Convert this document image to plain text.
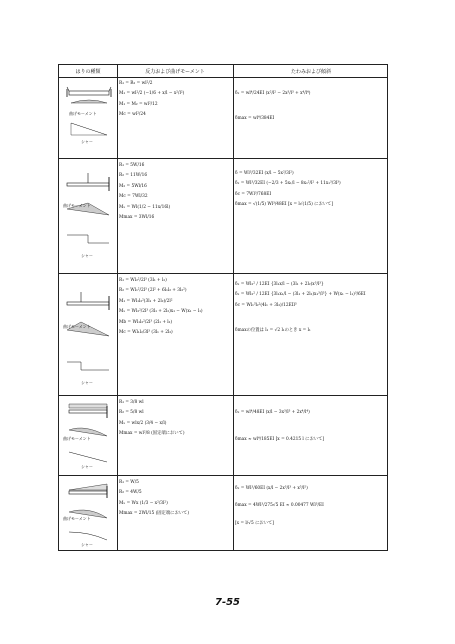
はりの種類	反力および曲げモーメント	たわみおよび傾斜
曲げモーメント
シャー
R₁ = R₂ = wl²/2
M₁ = wl²/2 (−1/6 + x/l − x²/l²)
M₁ = M₂ = wl²/12
Mc = wl²/24
δₓ = wl⁴/24EI (x²/l² − 2x³/l³ + x⁴/l⁴)
δmax = wl⁴/384EI
曲げモーメント
シャー
R₁ = 5W/16
R₂ = 11W/16
M₂ = 5Wl/16
Mc = 7Wl/32
Mₓ = Wl(1/2 − 11x/16l)
Mmax = 3Wl/16
δ = Wl³/32EI (x/l − 5x²/3l²)
δₓ = Wl³/32EI (−2/3 + 5x₁/l − 8x₁²/l² + 11x₁³/3l³)
δc = 7Wl³/768EI
δmax = √(1/5) Wl³/48EI [x = l√(1/5) において]
曲げモーメント
シャー
R₁ = Wl₂²/2l³ (3l₁ + l₂)
R₂ = Wl₁²/2l³ (2l² + 6l₁l₂ + 3l₂²)
M₁ = Wl₁l₂²(3l₁ + 2l₂)/2l²
Mₓ = Wl₂²/2l³ (3l₁ + 2l₂)x₁ − W(x₁ − l₁)
Mb = Wl₁l₂²/2l³ (2l₁ + l₂)
Mc = Wl₁l₂/3l³ (3l₁ + 2l₂)
δₓ = Wl₂² / 12EI {3l₁x/l − (3l₁ + 2l₂)x³/l³}
δₓ = Wl₂² / 12EI {3l₁x₁/l − (3l₁ + 2l₂)x₁³/l³} + W(x₁ − l₁)³/6EI
δc = Wl₁³l₂²(4l₁ + 3l₂)/12EIl³
δmaxの位置は l₁ = √2 l₁のとき x = l₁
曲げモーメント
シャー
R₁ = 3/8 wl
R₂ = 5/8 wl
Mₓ = wlx/2 (3/4 − x/l)
Mmax = wl²/8 (固定端において)
δₓ = wl⁴/48EI (x/l − 3x³/l³ + 2x⁴/l⁴)
δmax ≈ wl⁴/185EI [x = 0.4215 l において]
曲げモーメント
シャー
R₁ = W/5
R₂ = 4W/5
Mₓ = Wx (1/3 − x²/3l²)
Mmax = 2Wl/15 (固定端において)
δₓ = Wl³/60EI (x/l − 2x³/l³ + x⁵/l⁵)
δmax = 4Wl³/275√5 EI ≈ 0.00477 Wl³/EI
[x = l/√5 において]
7-55
